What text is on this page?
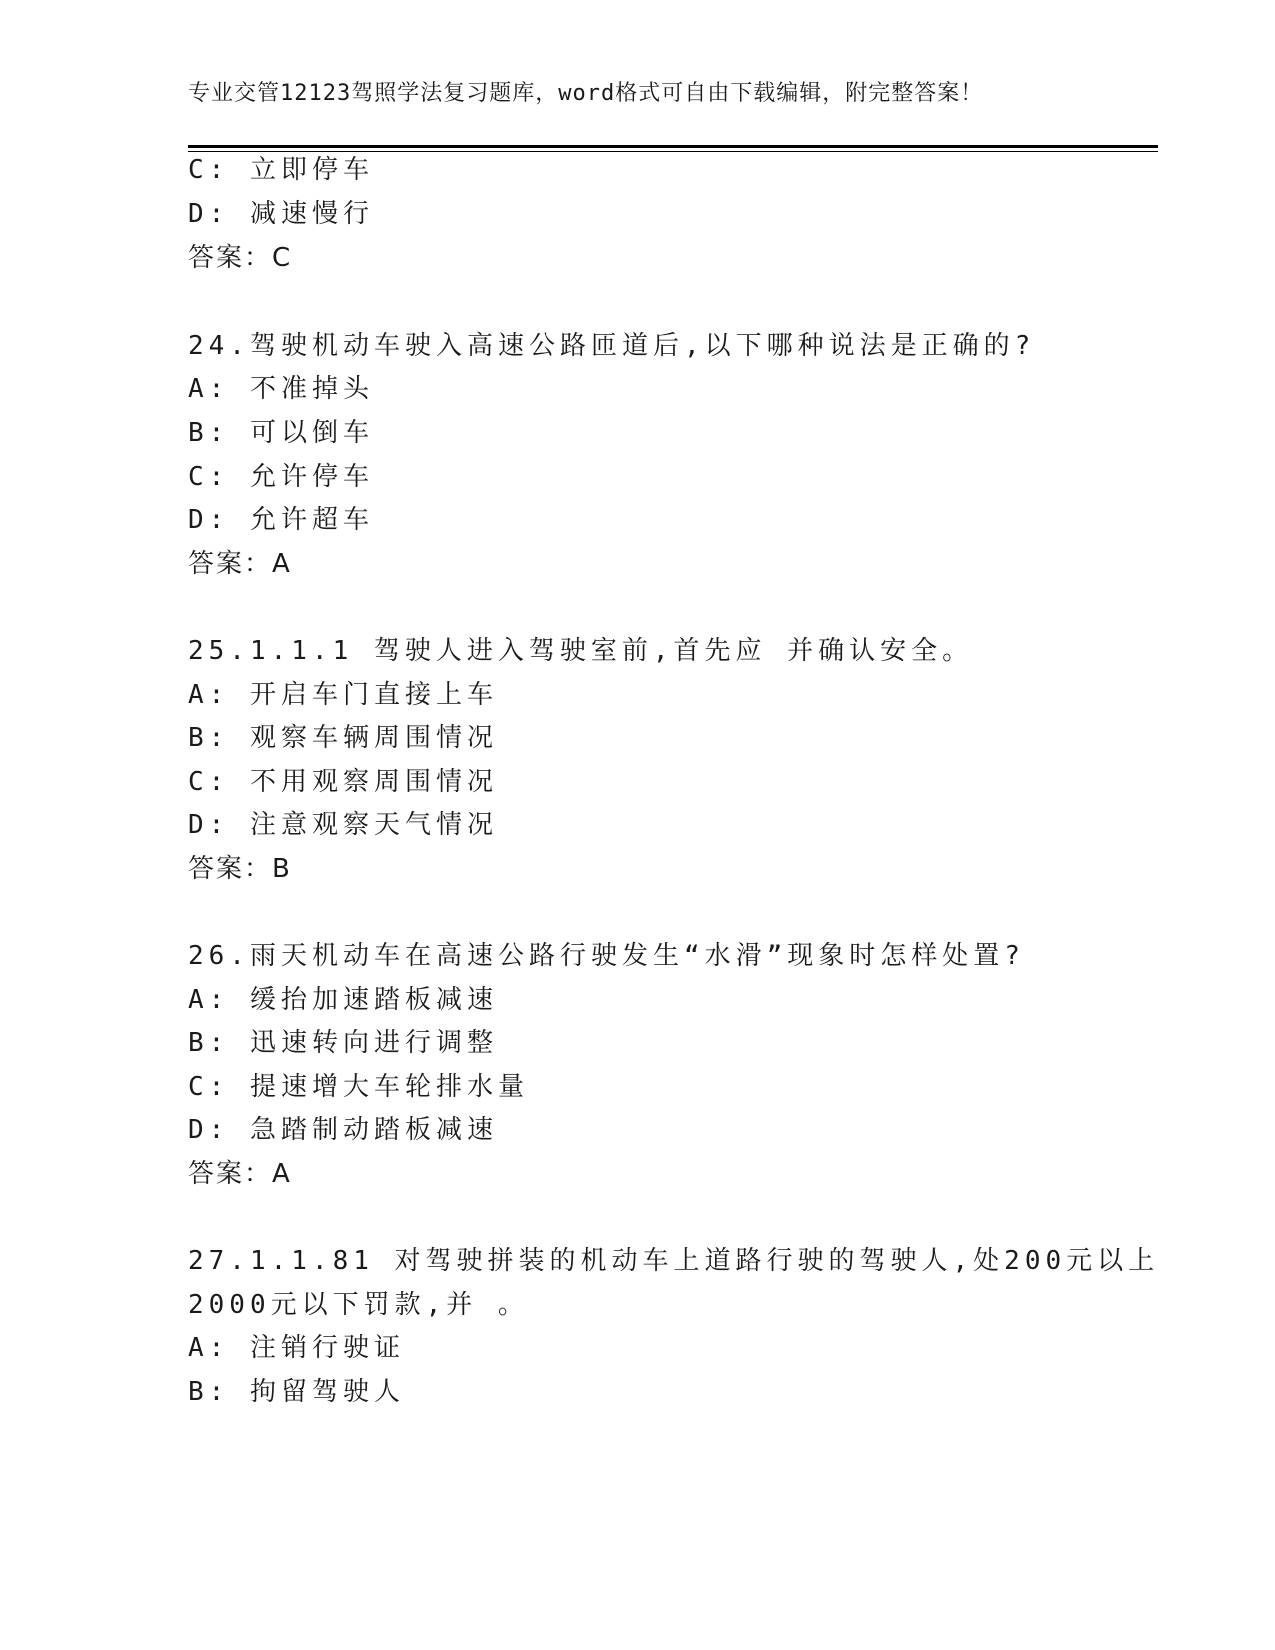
专业交管12123驾照学法复习题库，word格式可自由下载编辑，附完整答案！
C: 立即停车
D: 减速慢行
答案：C
24.驾驶机动车驶入高速公路匝道后,以下哪种说法是正确的?
A: 不准掉头
B: 可以倒车
C: 允许停车
D: 允许超车
答案：A
25.1.1.1 驾驶人进入驾驶室前,首先应 并确认安全。
A: 开启车门直接上车
B: 观察车辆周围情况
C: 不用观察周围情况
D: 注意观察天气情况
答案：B
26.雨天机动车在高速公路行驶发生“水滑”现象时怎样处置?
A: 缓抬加速踏板减速
B: 迅速转向进行调整
C: 提速增大车轮排水量
D: 急踏制动踏板减速
答案：A
27.1.1.81 对驾驶拼装的机动车上道路行驶的驾驶人,处200元以上
2000元以下罚款,并 。
A: 注销行驶证
B: 拘留驾驶人
